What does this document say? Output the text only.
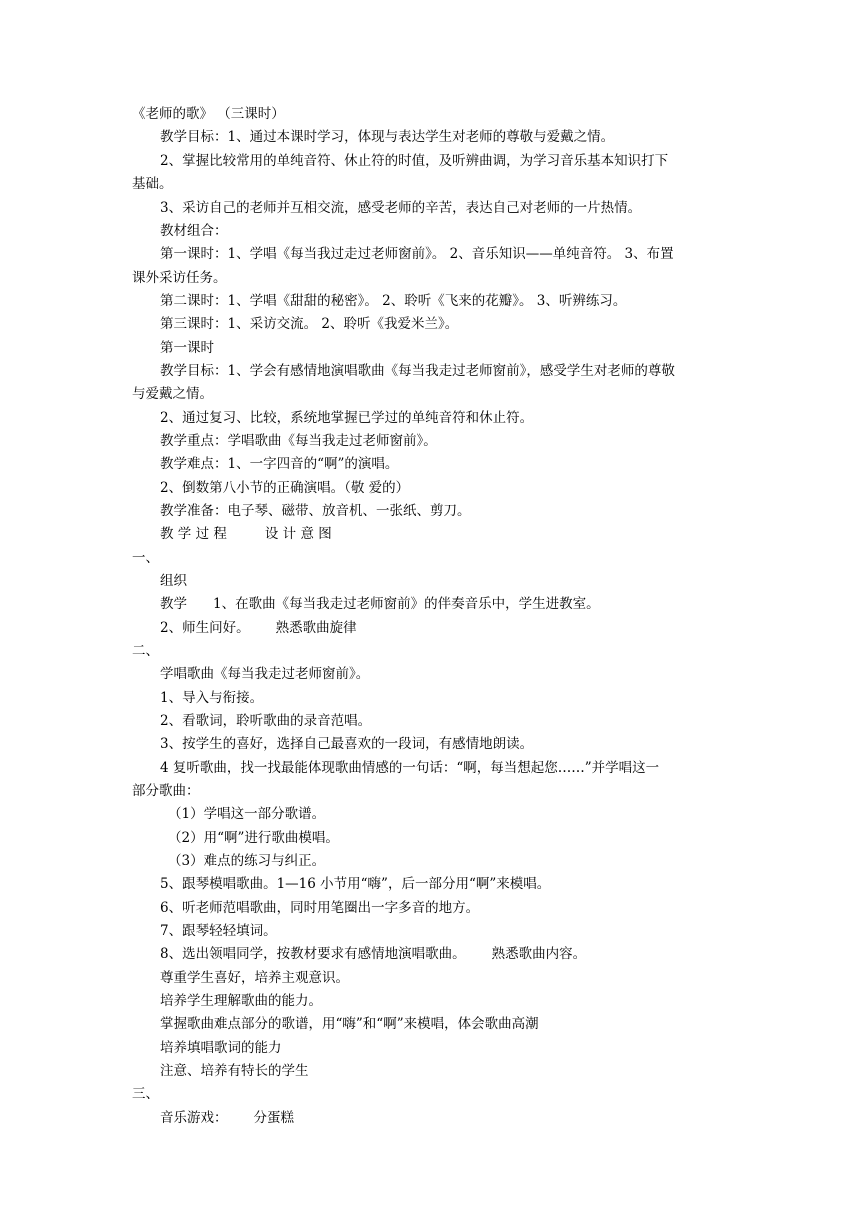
《老师的歌》 （三课时）
教学目标：1、通过本课时学习，体现与表达学生对老师的尊敬与爱戴之情。
2、掌握比较常用的单纯音符、休止符的时值，及听辨曲调，为学习音乐基本知识打下
基础。
3、采访自己的老师并互相交流，感受老师的辛苦，表达自己对老师的一片热情。
教材组合：
第一课时：1、学唱《每当我过走过老师窗前》。 2、音乐知识——单纯音符。 3、布置
课外采访任务。
第二课时：1、学唱《甜甜的秘密》。 2、聆听《飞来的花瓣》。 3、听辨练习。
第三课时：1、采访交流。 2、聆听《我爱米兰》。
第一课时
教学目标：1、学会有感情地演唱歌曲《每当我走过老师窗前》，感受学生对老师的尊敬
与爱戴之情。
2、通过复习、比较，系统地掌握已学过的单纯音符和休止符。
教学重点：学唱歌曲《每当我走过老师窗前》。
教学难点：1、一字四音的“啊”的演唱。
2、倒数第八小节的正确演唱。（敬 爱的）
教学准备：电子琴、磁带、放音机、一张纸、剪刀。
教 学 过 程	设 计 意 图
一、
组织
教学 1、在歌曲《每当我走过老师窗前》的伴奏音乐中，学生进教室。
2、师生问好。 熟悉歌曲旋律
二、
学唱歌曲《每当我走过老师窗前》。
1、导入与衔接。
2、看歌词，聆听歌曲的录音范唱。
3、按学生的喜好，选择自己最喜欢的一段词，有感情地朗读。
4 复听歌曲，找一找最能体现歌曲情感的一句话：“啊，每当想起您……”并学唱这一
部分歌曲：
（1）学唱这一部分歌谱。
（2）用“啊”进行歌曲模唱。
（3）难点的练习与纠正。
5、跟琴模唱歌曲。1—16 小节用“嗨”，后一部分用“啊”来模唱。
6、听老师范唱歌曲，同时用笔圈出一字多音的地方。
7、跟琴轻轻填词。
8、选出领唱同学，按教材要求有感情地演唱歌曲。 熟悉歌曲内容。
尊重学生喜好，培养主观意识。
培养学生理解歌曲的能力。
掌握歌曲难点部分的歌谱，用“嗨”和“啊”来模唱，体会歌曲高潮
培养填唱歌词的能力
注意、培养有特长的学生
三、
音乐游戏： 分蛋糕
